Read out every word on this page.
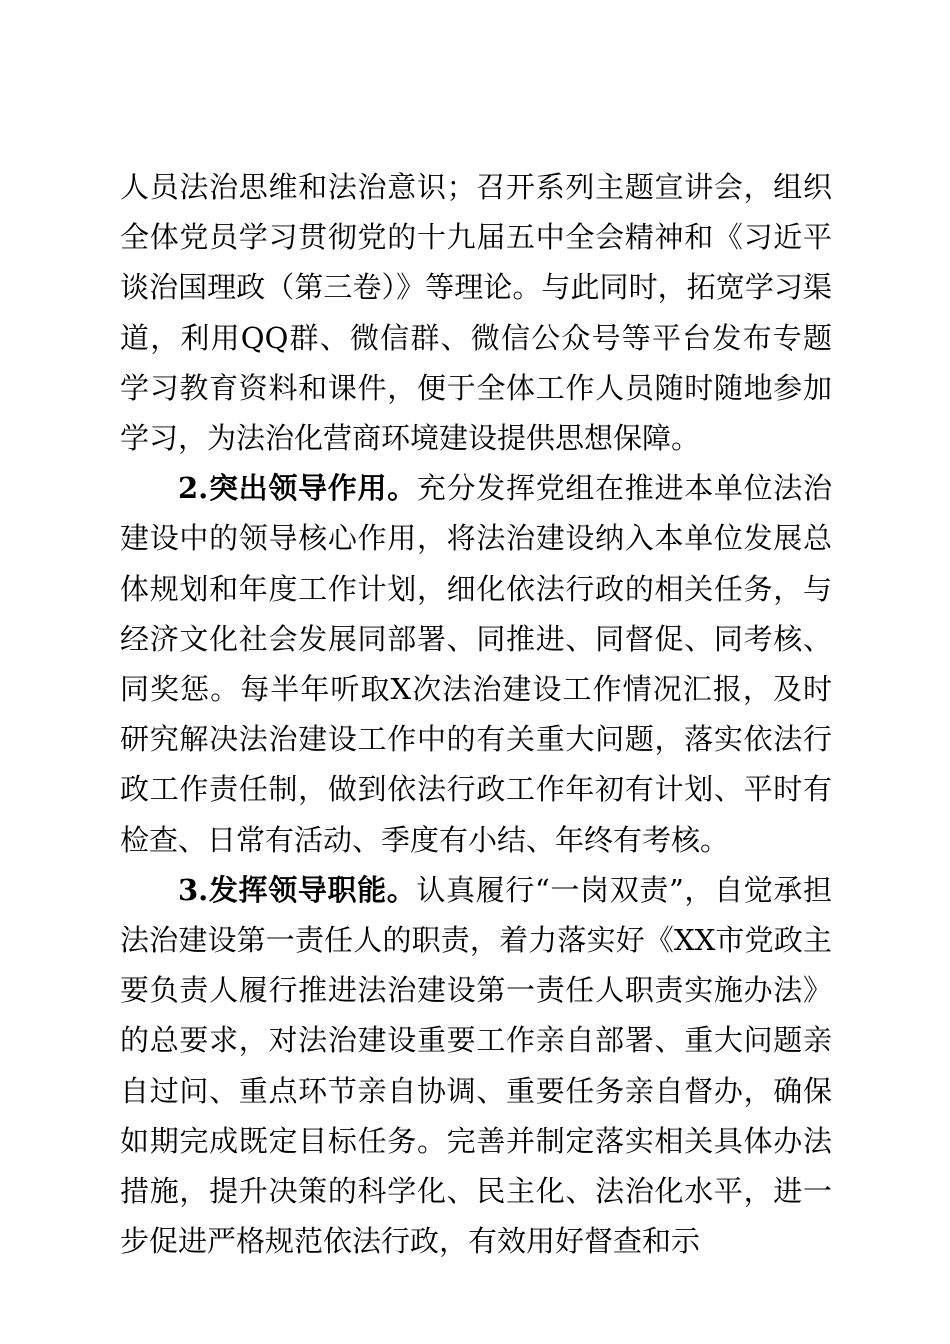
人员法治思维和法治意识；召开系列主题宣讲会，组织全体党员学习贯彻党的十九届五中全会精神和《习近平谈治国理政（第三卷）》等理论。与此同时，拓宽学习渠道，利用QQ群、微信群、微信公众号等平台发布专题学习教育资料和课件，便于全体工作人员随时随地参加学习，为法治化营商环境建设提供思想保障。

2.突出领导作用。充分发挥党组在推进本单位法治建设中的领导核心作用，将法治建设纳入本单位发展总体规划和年度工作计划，细化依法行政的相关任务，与经济文化社会发展同部署、同推进、同督促、同考核、同奖惩。每半年听取X次法治建设工作情况汇报，及时研究解决法治建设工作中的有关重大问题，落实依法行政工作责任制，做到依法行政工作年初有计划、平时有检查、日常有活动、季度有小结、年终有考核。

3.发挥领导职能。认真履行“一岗双责”，自觉承担法治建设第一责任人的职责，着力落实好《XX市党政主要负责人履行推进法治建设第一责任人职责实施办法》的总要求，对法治建设重要工作亲自部署、重大问题亲自过问、重点环节亲自协调、重要任务亲自督办，确保如期完成既定目标任务。完善并制定落实相关具体办法措施，提升决策的科学化、民主化、法治化水平，进一步促进严格规范依法行政，有效用好督查和示
